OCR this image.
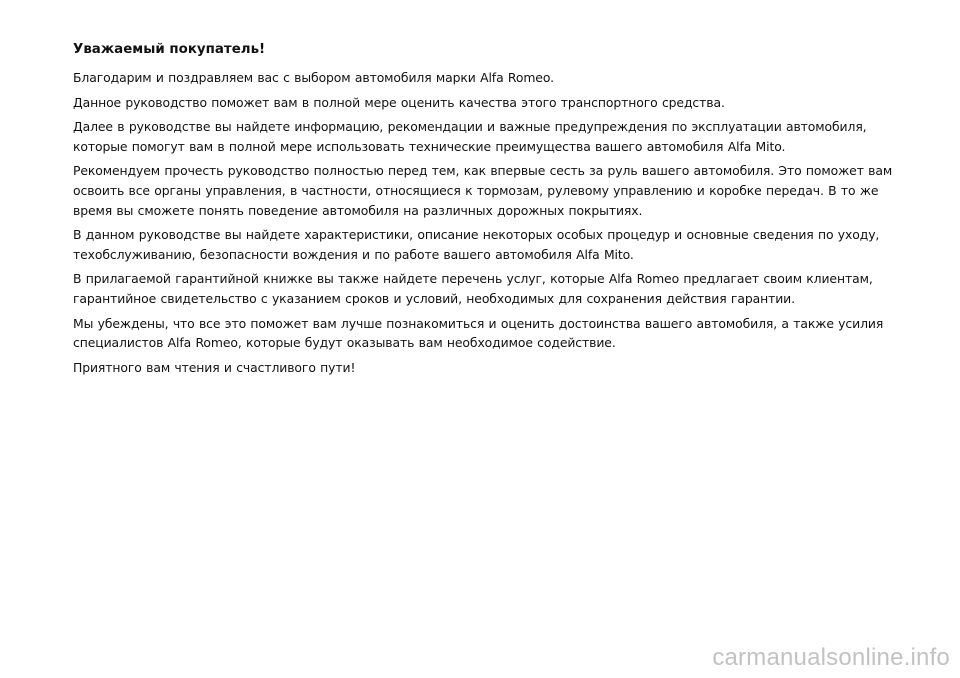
Уважаемый покупатель!

Благодарим и поздравляем вас с выбором автомобиля марки Alfa Romeo.

Данное руководство поможет вам в полной мере оценить качества этого транспортного средства.

Далее в руководстве вы найдете информацию, рекомендации и важные предупреждения по эксплуатации автомобиля, которые помогут вам в полной мере использовать технические преимущества вашего автомобиля Alfa Mito.

Рекомендуем прочесть руководство полностью перед тем, как впервые сесть за руль вашего автомобиля. Это поможет вам освоить все органы управления, в частности, относящиеся к тормозам, рулевому управлению и коробке передач. В то же время вы сможете понять поведение автомобиля на различных дорожных покрытиях.

В данном руководстве вы найдете характеристики, описание некоторых особых процедур и основные сведения по уходу, техобслуживанию, безопасности вождения и по работе вашего автомобиля Alfa Mito.

В прилагаемой гарантийной книжке вы также найдете перечень услуг, которые Alfa Romeo предлагает своим клиентам, гарантийное свидетельство с указанием сроков и условий, необходимых для сохранения действия гарантии.

Мы убеждены, что все это поможет вам лучше познакомиться и оценить достоинства вашего автомобиля, а также усилия специалистов Alfa Romeo, которые будут оказывать вам необходимое содействие.

Приятного вам чтения и счастливого пути!

carmanualsonline.info
